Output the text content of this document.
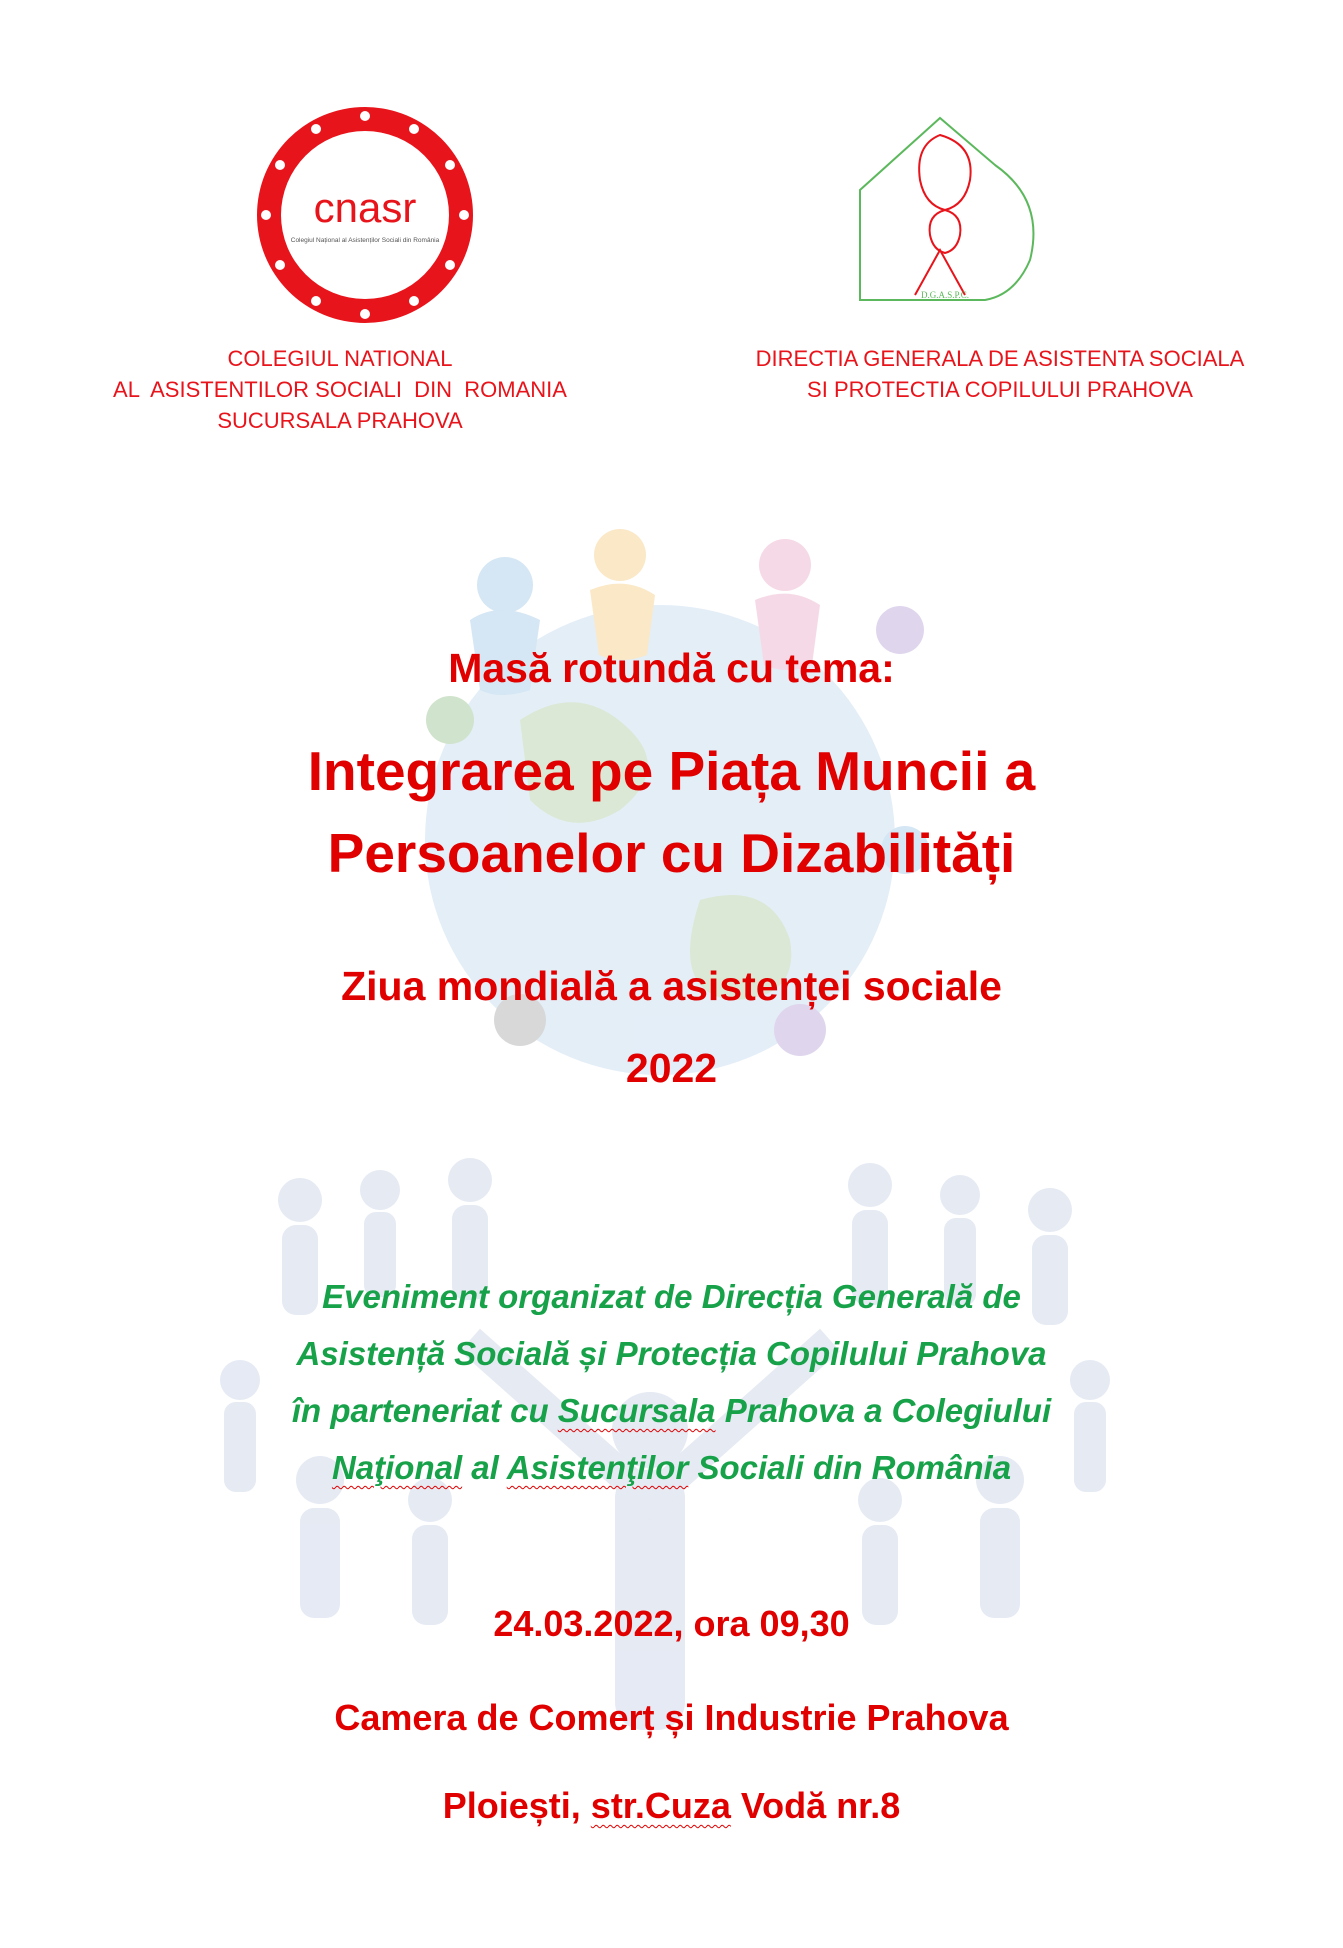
cnasr
Colegiul Național al Asistenților Sociali din România
D.G.A.S.P.C.
COLEGIUL NATIONAL
AL  ASISTENTILOR SOCIALI  DIN  ROMANIA
SUCURSALA PRAHOVA
DIRECTIA GENERALA DE ASISTENTA SOCIALA
SI PROTECTIA COPILULUI PRAHOVA
Masă rotundă cu tema:
Integrarea pe Piața Muncii a
Persoanelor cu Dizabilități
Ziua mondială a asistenței sociale
2022
Eveniment organizat de Direcția Generală de
Asistență Socială și Protecția Copilului Prahova
în parteneriat cu Sucursala Prahova a Colegiului
Naţional al Asistenţilor Sociali din România
24.03.2022, ora 09,30
Camera de Comerț și Industrie Prahova
Ploiești, str.Cuza Vodă nr.8
